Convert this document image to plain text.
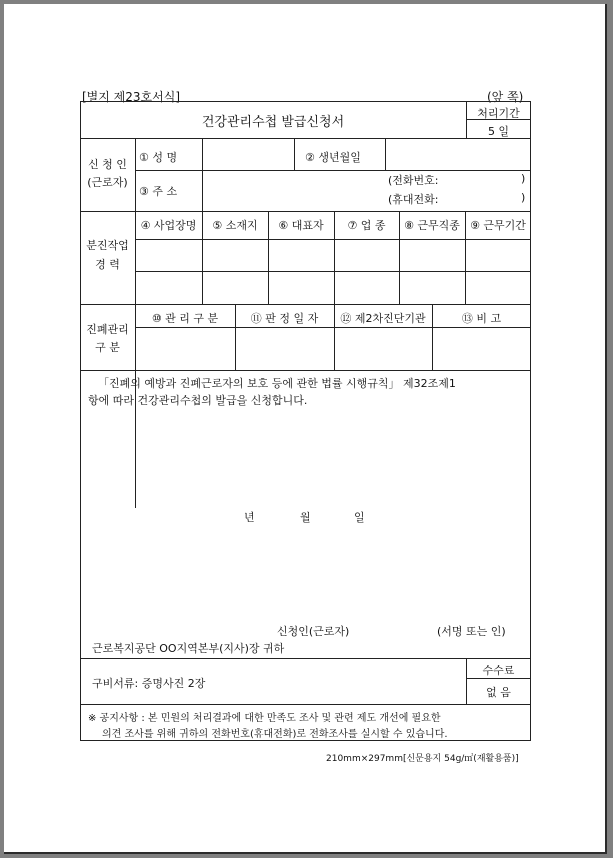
[별지 제23호서식]	(앞 쪽)
건강관리수첩 발급신청서
처리기간
5 일
신 청 인
(근로자)
① 성 명	② 생년월일
③ 주 소
(전화번호:	)
(휴대전화:	)
분진작업
경 력
④ 사업장명	⑤ 소재지	⑥ 대표자	⑦ 업 종	⑧ 근무직종 ⑨ 근무기간
진폐관리
구 분
⑩ 관 리 구 분	⑪ 판 정 일 자	⑫ 제2차진단기관	⑬ 비 고
「진폐의 예방과 진폐근로자의 보호 등에 관한 법률 시행규칙」 제32조제1
항에 따라 건강관리수첩의 발급을 신청합니다.
년	월	일
신청인(근로자)	(서명 또는 인)
근로복지공단 OO지역본부(지사)장 귀하
구비서류: 증명사진 2장
수수료
없 음
※ 공지사항 : 본 민원의 처리결과에 대한 만족도 조사 및 관련 제도 개선에 필요한
의견 조사를 위해 귀하의 전화번호(휴대전화)로 전화조사를 실시할 수 있습니다.
210mm×297mm[신문용지 54g/㎡(재활용품)]
